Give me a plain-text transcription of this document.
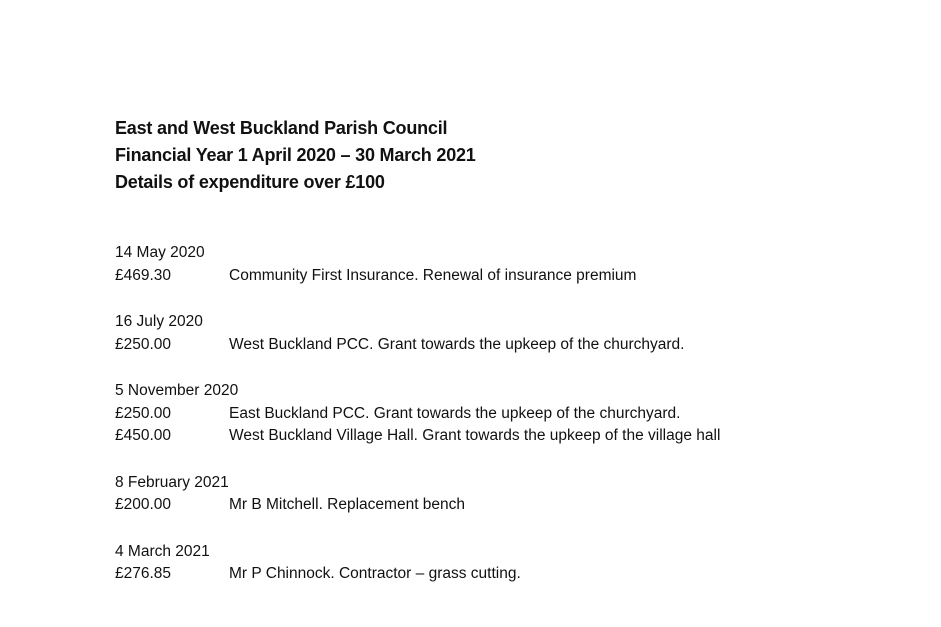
East and West Buckland Parish Council
Financial Year 1 April 2020 – 30 March 2021
Details of expenditure over £100
14 May 2020
£469.30	Community First Insurance. Renewal of insurance premium
16 July 2020
£250.00	West Buckland PCC. Grant towards the upkeep of the churchyard.
5 November 2020
£250.00	East Buckland PCC. Grant towards the upkeep of the churchyard.
£450.00	West Buckland Village Hall. Grant towards the upkeep of the village hall
8 February 2021
£200.00	Mr B Mitchell. Replacement bench
4 March 2021
£276.85	Mr P Chinnock. Contractor – grass cutting.
